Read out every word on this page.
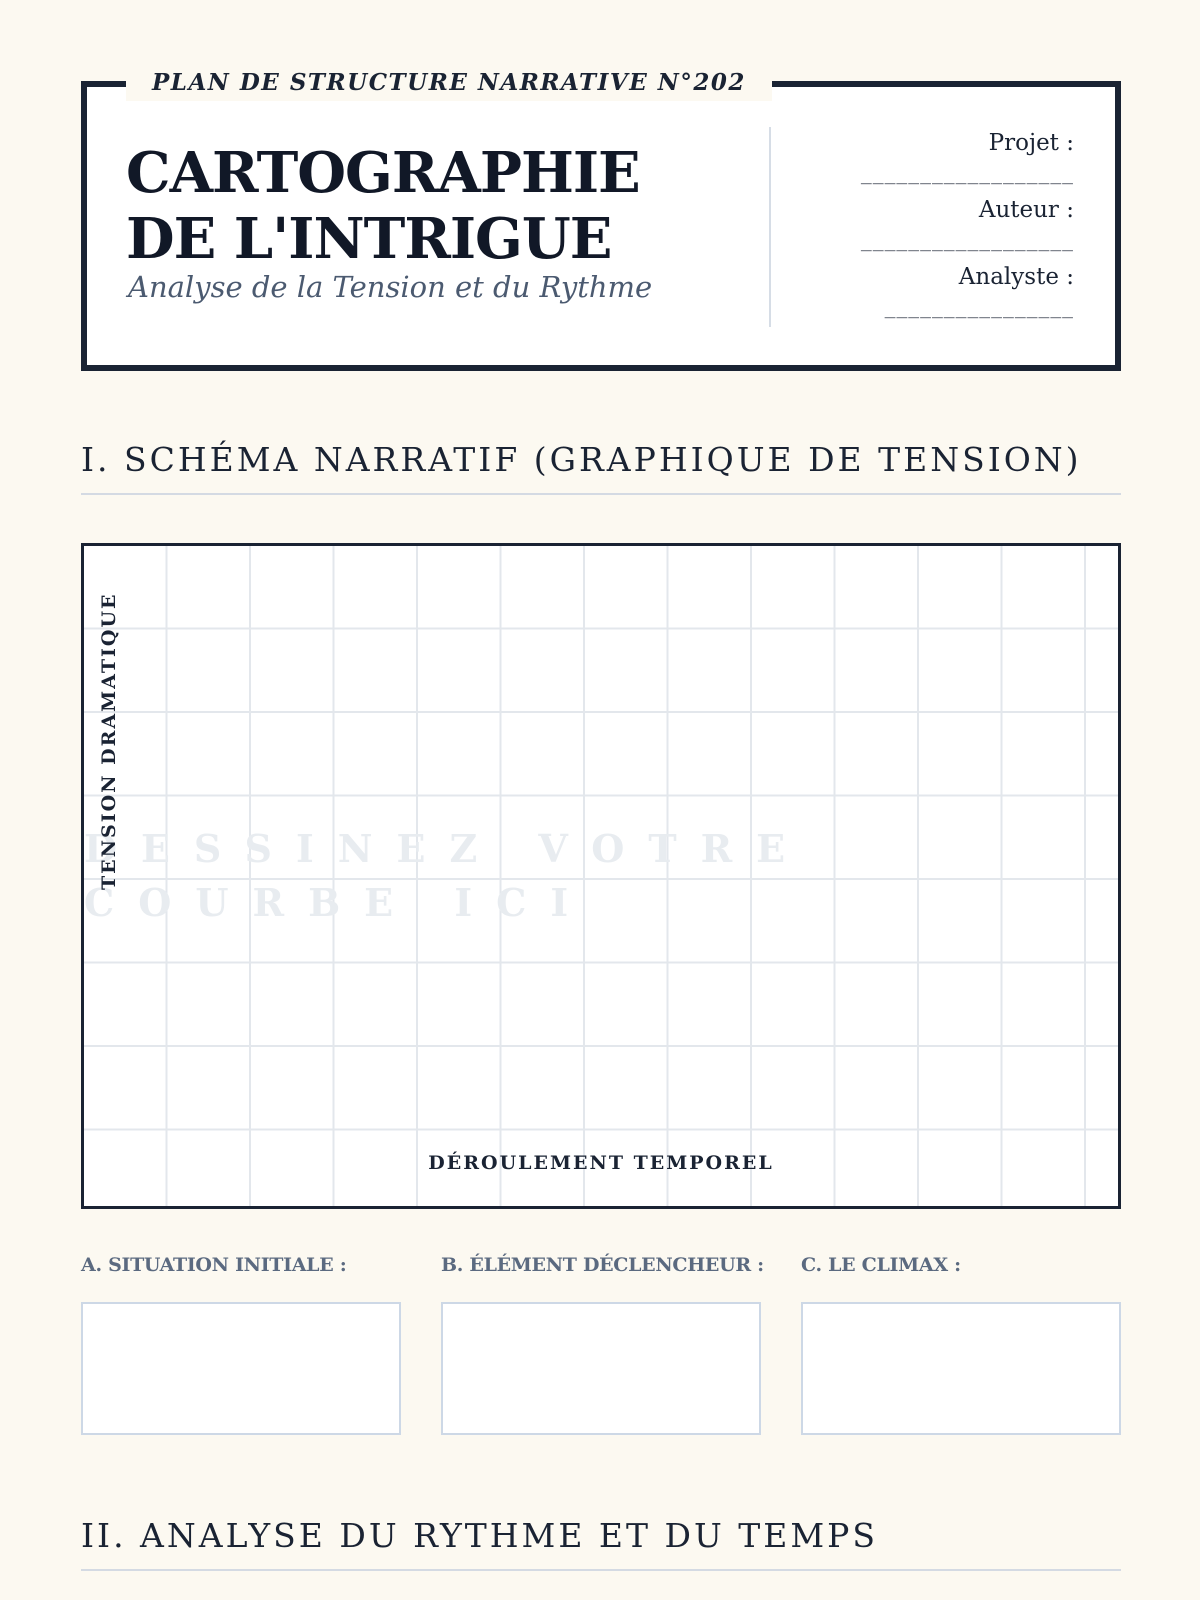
PLAN DE STRUCTURE NARRATIVE N°202
CARTOGRAPHIE DE L'INTRIGUE
Analyse de la Tension et du Rythme
Projet :
__________________
Auteur :
__________________
Analyste :
________________
I. SCHÉMA NARRATIF (GRAPHIQUE DE TENSION)
DESSINEZ VOTRE COURBE ICI
TENSION DRAMATIQUE
DÉROULEMENT TEMPOREL
A. SITUATION INITIALE :	B. ÉLÉMENT DÉCLENCHEUR : C. LE CLIMAX :
II. ANALYSE DU RYTHME ET DU TEMPS
